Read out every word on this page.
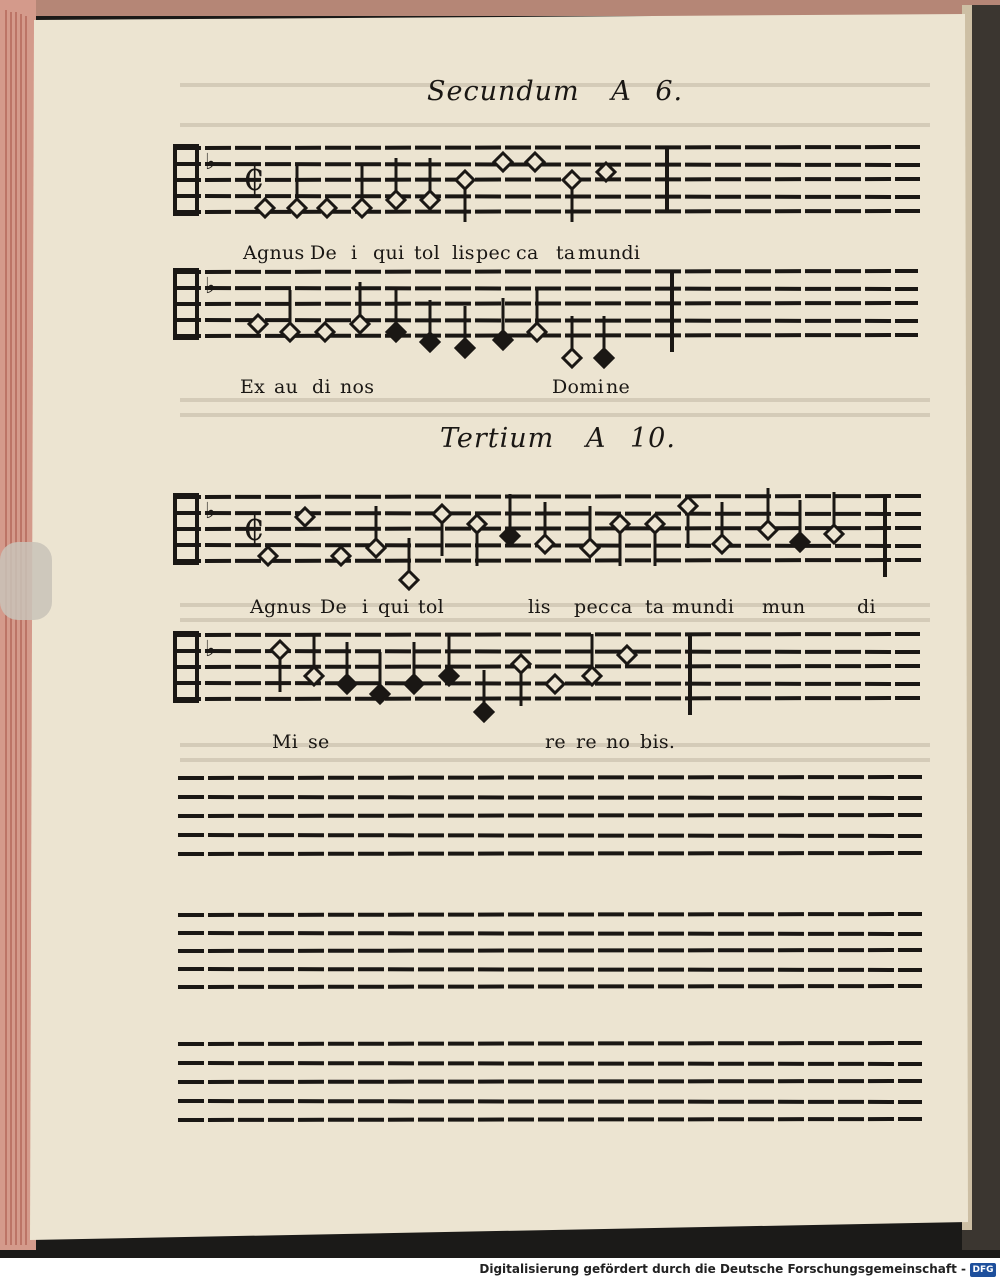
♭
♭
♭
♭
₵
₵
Secundum A 6.
Tertium A 10.
Agnus De i qui tol lis pec ca ta mundi
Ex au di nos	Domi ne
Agnus De i qui tol	lis pec ca ta mundi mun	di
Mi se	re re no bis.
Digitalisierung gefördert durch die Deutsche Forschungsgemeinschaft - DFG
